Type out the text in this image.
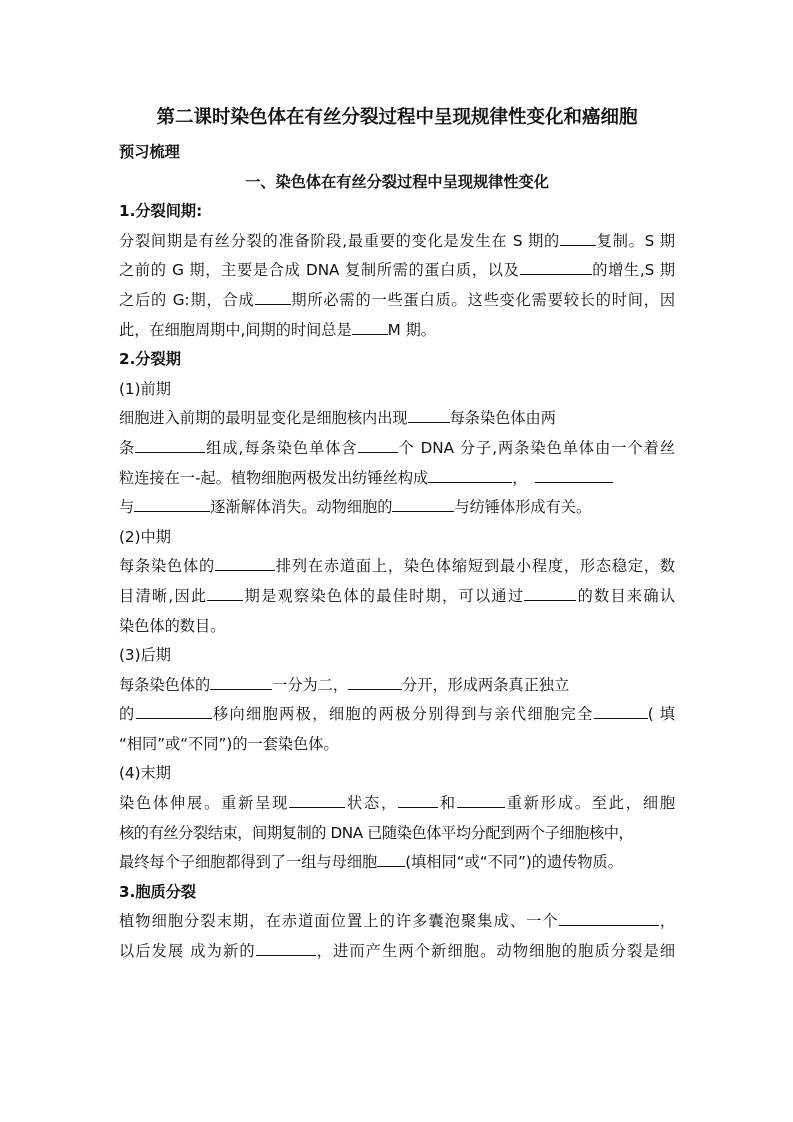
第二课时染色体在有丝分裂过程中呈现规律性变化和癌细胞

预习梳理

一、染色体在有丝分裂过程中呈现规律性变化

1.分裂间期:

分裂间期是有丝分裂的准备阶段,最重要的变化是发生在 S 期的 复制。S 期

之前的 G 期，主要是合成 DNA 复制所需的蛋白质，以及	的增生,S 期

之后的 G:期，合成 期所必需的一些蛋白质。这些变化需要较长的时间，因

此，在细胞周期中,间期的时间总是 M 期。

2.分裂期

(1)前期

细胞进入前期的最明显变化是细胞核内出现	每条染色体由两

条	组成,每条染色单体含	个 DNA 分子,两条染色单体由一个着丝

粒连接在一-起。植物细胞两极发出纺锤丝构成	，

与	逐渐解体消失。动物细胞的	与纺锤体形成有关。

(2)中期

每条染色体的	排列在赤道面上，染色体缩短到最小程度，形态稳定，数

目清晰,因此 期是观察染色体的最佳时期，可以通过	的数目来确认

染色体的数目。

(3)后期

每条染色体的	一分为二，	分开，形成两条真正独立

的	移向细胞两极，细胞的两极分别得到与亲代细胞完全	( 填

“相同”或“不同”)的一套染色体。

(4)末期

染色体伸展。重新呈现	状态，	和	重新形成。至此，细胞

核的有丝分裂结束，间期复制的 DNA 已随染色体平均分配到两个子细胞核中，

最终每个子细胞都得到了一组与母细胞 (填相同“或“不同”)的遗传物质。

3.胞质分裂

植物细胞分裂末期，在赤道面位置上的许多囊泡聚集成、一个	，

以后发展 成为新的	，进而产生两个新细胞。动物细胞的胞质分裂是细
